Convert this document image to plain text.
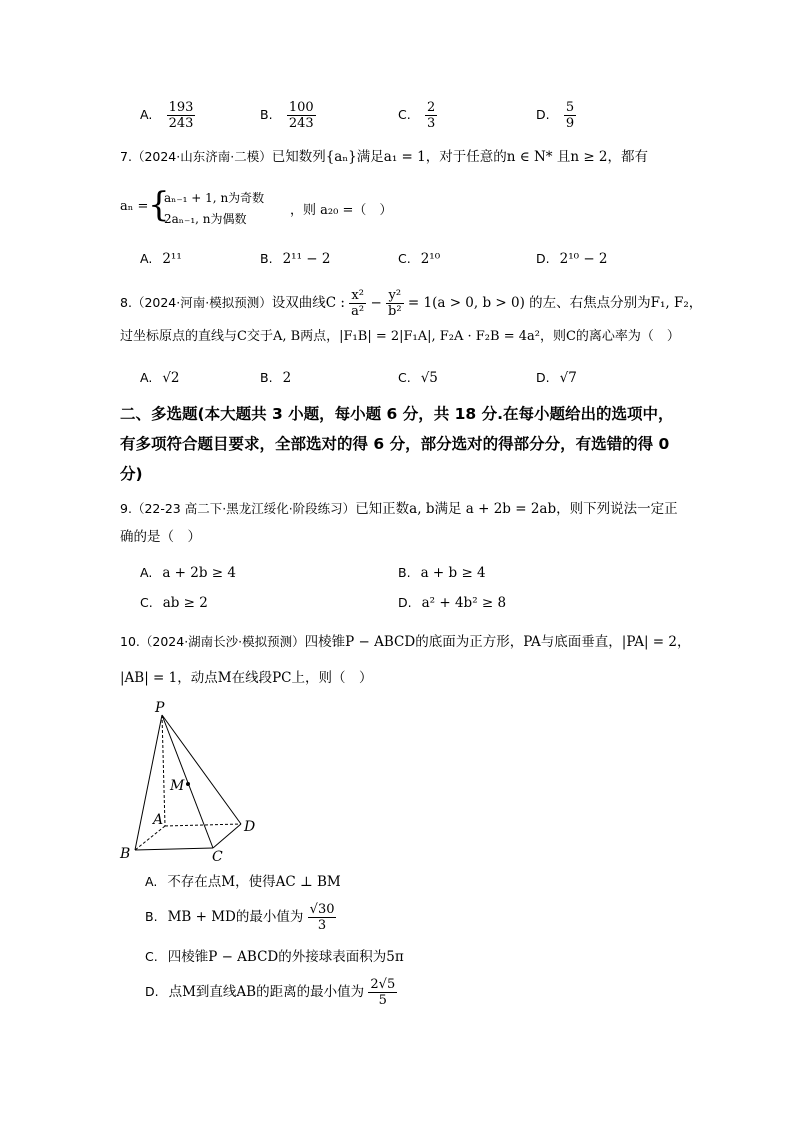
A. $\frac{193}{243}$	B. $\frac{100}{243}$	C. $\frac{2}{3}$	D. $\frac{5}{9}$
7.（2024·山东济南·二模）已知数列{aₙ}满足a₁ = 1，对于任意的n ∈ N* 且n ≥ 2，都有
aₙ = {
aₙ₋₁ + 1, n为奇数
2aₙ₋₁, n为偶数
，则 a₂₀ =（　）
A. 2¹¹	B. 2¹¹ − 2	C. 2¹⁰	D. 2¹⁰ − 2
8.（2024·河南·模拟预测）设双曲线C : $\frac{\text{x²}}{\text{a²}} - \frac{\text{y²}}{\text{b²}} = 1(a > 0$, b > 0) 的左、右焦点分别为F₁, F₂，
过坐标原点的直线与C交于A, B两点，|F₁B| = 2|F₁A|, F₂A · F₂B = 4a²，则C的离心率为（　）
A. √2	B. 2	C. √5	D. √7
二、多选题(本大题共 3 小题，每小题 6 分，共 18 分.在每小题给出的选项中，
有多项符合题目要求，全部选对的得 6 分，部分选对的得部分分，有选错的得 0
分)
9.（22-23 高二下·黑龙江绥化·阶段练习）已知正数a, b满足 a + 2b = 2ab，则下列说法一定正
确的是（　）
A. a + 2b ≥ 4	B. a + b ≥ 4
C. ab ≥ 2	D. a² + 4b² ≥ 8
10.（2024·湖南长沙·模拟预测）四棱锥P − ABCD的底面为正方形，PA与底面垂直，|PA| = 2，
|AB| = 1，动点M在线段PC上，则（　）
P
M
A
B	C
D
A. 不存在点M，使得AC ⊥ BM
B. MB + MD的最小值为 $\frac{√30}{3}$
C. 四棱锥P − ABCD的外接球表面积为5π
D. 点M到直线AB的距离的最小值为 $\frac{2√5}{5}$
